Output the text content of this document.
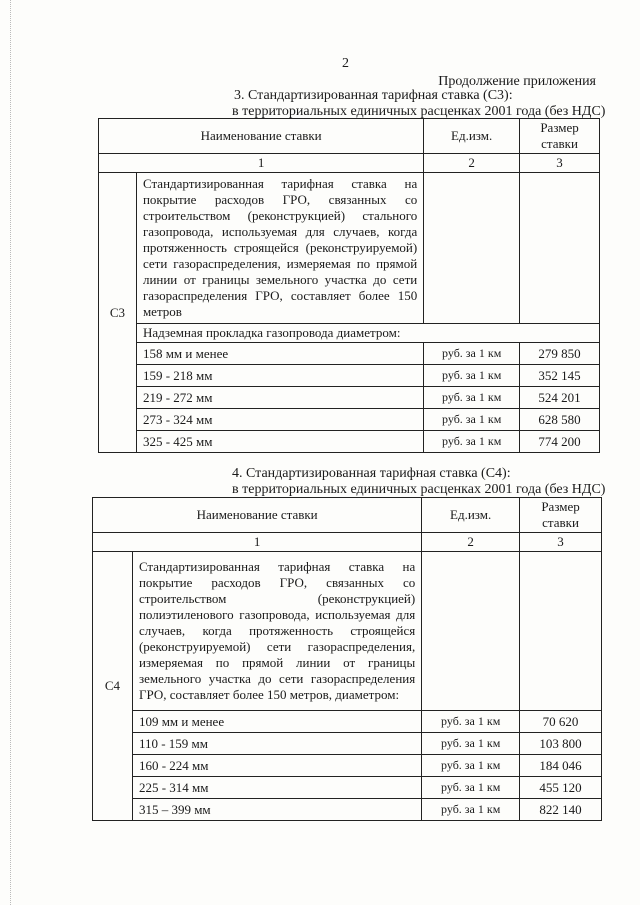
2
Продолжение приложения
3. Стандартизированная тарифная ставка (С3):
в территориальных единичных расценках 2001 года (без НДС)
Наименование ставки		Ед.изм.	Размер ставки
1		2	3
С3	Стандартизированная тарифная ставка на покрытие расходов ГРО, связанных со строительством (реконструкцией) стального газопровода, используемая для случаев, когда протяженность строящейся (реконструируемой) сети газораспределения, измеряемая по прямой линии от границы земельного участка до сети газораспределения ГРО, составляет более 150 метров		
	Надземная прокладка газопровода диаметром:		
	158 мм и менее	руб. за 1 км	279 850
	159 - 218 мм	руб. за 1 км	352 145
	219 - 272 мм	руб. за 1 км	524 201
	273 - 324 мм	руб. за 1 км	628 580
	325 - 425 мм	руб. за 1 км	774 200
4. Стандартизированная тарифная ставка (С4):
в территориальных единичных расценках 2001 года (без НДС)
Наименование ставки		Ед.изм.	Размер ставки
1		2	3
С4	Стандартизированная тарифная ставка на покрытие расходов ГРО, связанных со строительством (реконструкцией) полиэтиленового газопровода, используемая для случаев, когда протяженность строящейся (реконструируемой) сети газораспределения, измеряемая по прямой линии от границы земельного участка до сети газораспределения ГРО, составляет более 150 метров, диаметром:		
	109 мм и менее	руб. за 1 км	70 620
	110 - 159 мм	руб. за 1 км	103 800
	160 - 224 мм	руб. за 1 км	184 046
	225 - 314 мм	руб. за 1 км	455 120
	315 – 399 мм	руб. за 1 км	822 140
